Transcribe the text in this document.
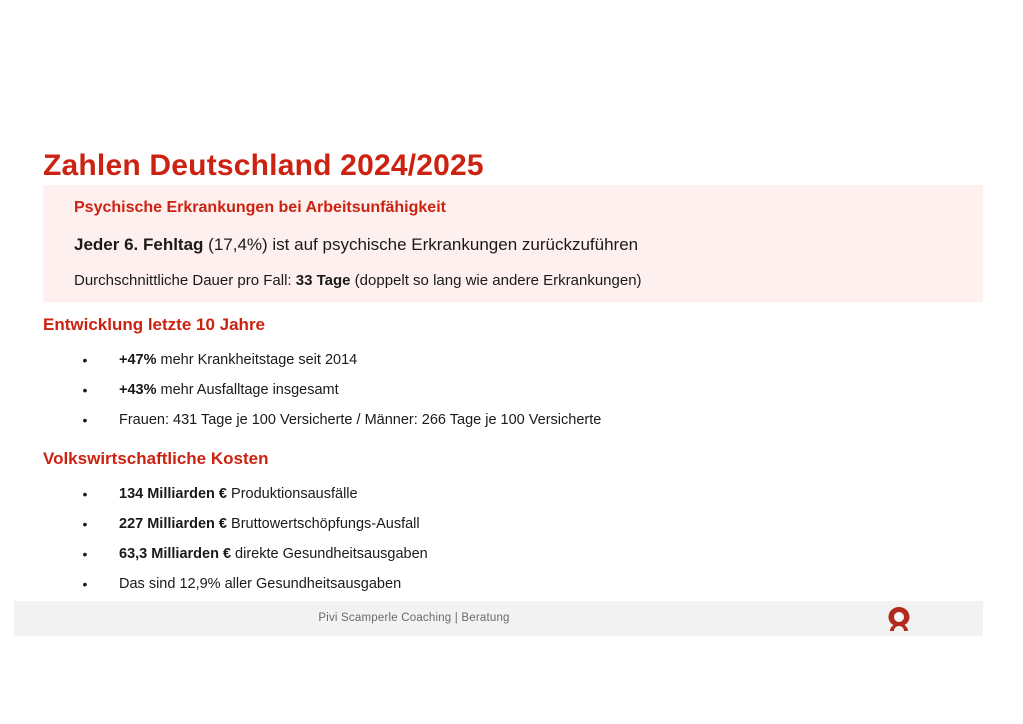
Zahlen Deutschland 2024/2025
Psychische Erkrankungen bei Arbeitsunfähigkeit
Jeder 6. Fehltag (17,4%) ist auf psychische Erkrankungen zurückzuführen
Durchschnittliche Dauer pro Fall: 33 Tage (doppelt so lang wie andere Erkrankungen)
Entwicklung letzte 10 Jahre
• +47% mehr Krankheitstage seit 2014
• +43% mehr Ausfalltage insgesamt
• Frauen: 431 Tage je 100 Versicherte / Männer: 266 Tage je 100 Versicherte
Volkswirtschaftliche Kosten
• 134 Milliarden € Produktionsausfälle
• 227 Milliarden € Bruttowertschöpfungs-Ausfall
• 63,3 Milliarden € direkte Gesundheitsausgaben
• Das sind 12,9% aller Gesundheitsausgaben
Pivi Scamperle Coaching | Beratung
